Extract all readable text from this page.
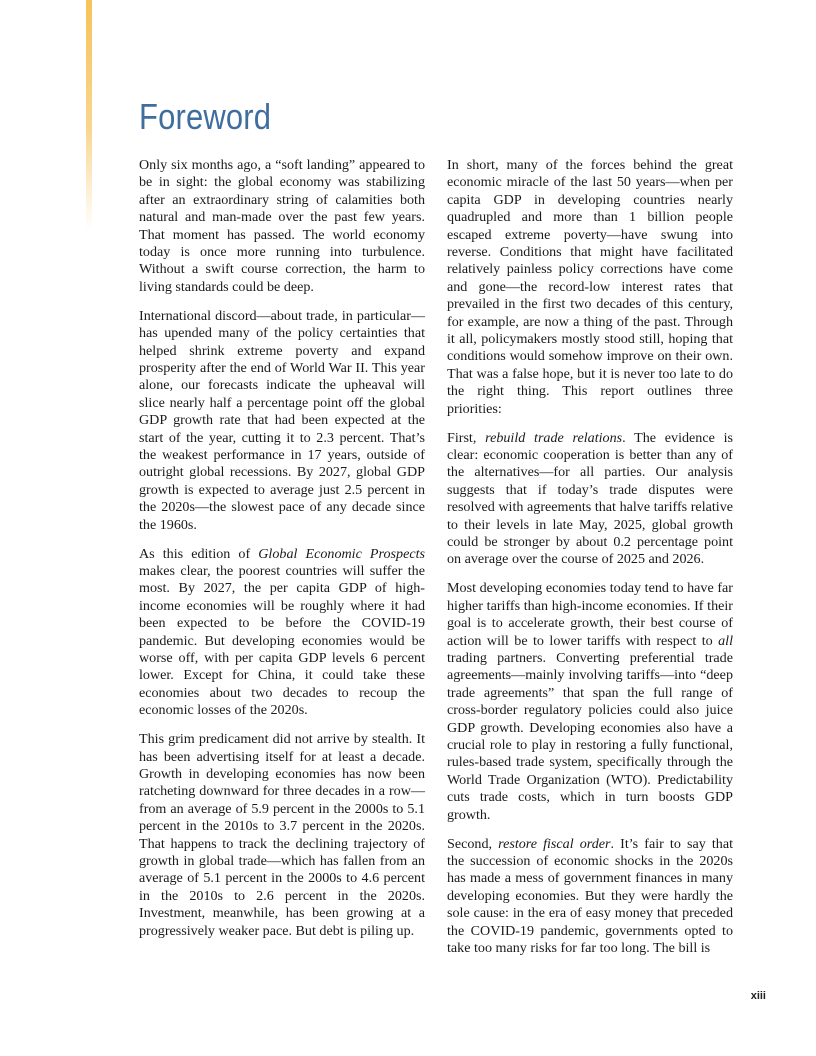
Foreword

Only six months ago, a “soft landing” appeared to be in sight: the global economy was stabilizing after an extraordinary string of calamities both natural and man-made over the past few years. That moment has passed. The world economy today is once more running into turbulence. Without a swift course correction, the harm to living standards could be deep.

International discord—about trade, in particular—has upended many of the policy certainties that helped shrink extreme poverty and expand prosperity after the end of World War II. This year alone, our forecasts indicate the upheaval will slice nearly half a percentage point off the global GDP growth rate that had been expected at the start of the year, cutting it to 2.3 percent. That’s the weakest performance in 17 years, outside of outright global recessions. By 2027, global GDP growth is expected to average just 2.5 percent in the 2020s—the slowest pace of any decade since the 1960s.

As this edition of Global Economic Prospects makes clear, the poorest countries will suffer the most. By 2027, the per capita GDP of high-income economies will be roughly where it had been expected to be before the COVID-19 pandemic. But developing economies would be worse off, with per capita GDP levels 6 percent lower. Except for China, it could take these economies about two decades to recoup the economic losses of the 2020s.

This grim predicament did not arrive by stealth. It has been advertising itself for at least a decade. Growth in developing economies has now been ratcheting downward for three decades in a row—from an average of 5.9 percent in the 2000s to 5.1 percent in the 2010s to 3.7 percent in the 2020s. That happens to track the declining trajectory of growth in global trade—which has fallen from an average of 5.1 percent in the 2000s to 4.6 percent in the 2010s to 2.6 percent in the 2020s. Investment, meanwhile, has been growing at a progressively weaker pace. But debt is piling up.

In short, many of the forces behind the great economic miracle of the last 50 years—when per capita GDP in developing countries nearly quadrupled and more than 1 billion people escaped extreme poverty—have swung into reverse. Conditions that might have facilitated relatively painless policy corrections have come and gone—the record-low interest rates that prevailed in the first two decades of this century, for example, are now a thing of the past. Through it all, policymakers mostly stood still, hoping that conditions would somehow improve on their own. That was a false hope, but it is never too late to do the right thing. This report outlines three priorities:

First, rebuild trade relations. The evidence is clear: economic cooperation is better than any of the alternatives—for all parties. Our analysis suggests that if today’s trade disputes were resolved with agreements that halve tariffs relative to their levels in late May, 2025, global growth could be stronger by about 0.2 percentage point on average over the course of 2025 and 2026.

Most developing economies today tend to have far higher tariffs than high-income economies. If their goal is to accelerate growth, their best course of action will be to lower tariffs with respect to all trading partners. Converting preferential trade agreements—mainly involving tariffs—into “deep trade agreements” that span the full range of cross-border regulatory policies could also juice GDP growth. Developing economies also have a crucial role to play in restoring a fully functional, rules-based trade system, specifically through the World Trade Organization (WTO). Predictability cuts trade costs, which in turn boosts GDP growth.

Second, restore fiscal order. It’s fair to say that the succession of economic shocks in the 2020s has made a mess of government finances in many developing economies. But they were hardly the sole cause: in the era of easy money that preceded the COVID-19 pandemic, governments opted to take too many risks for far too long. The bill is

xiii
